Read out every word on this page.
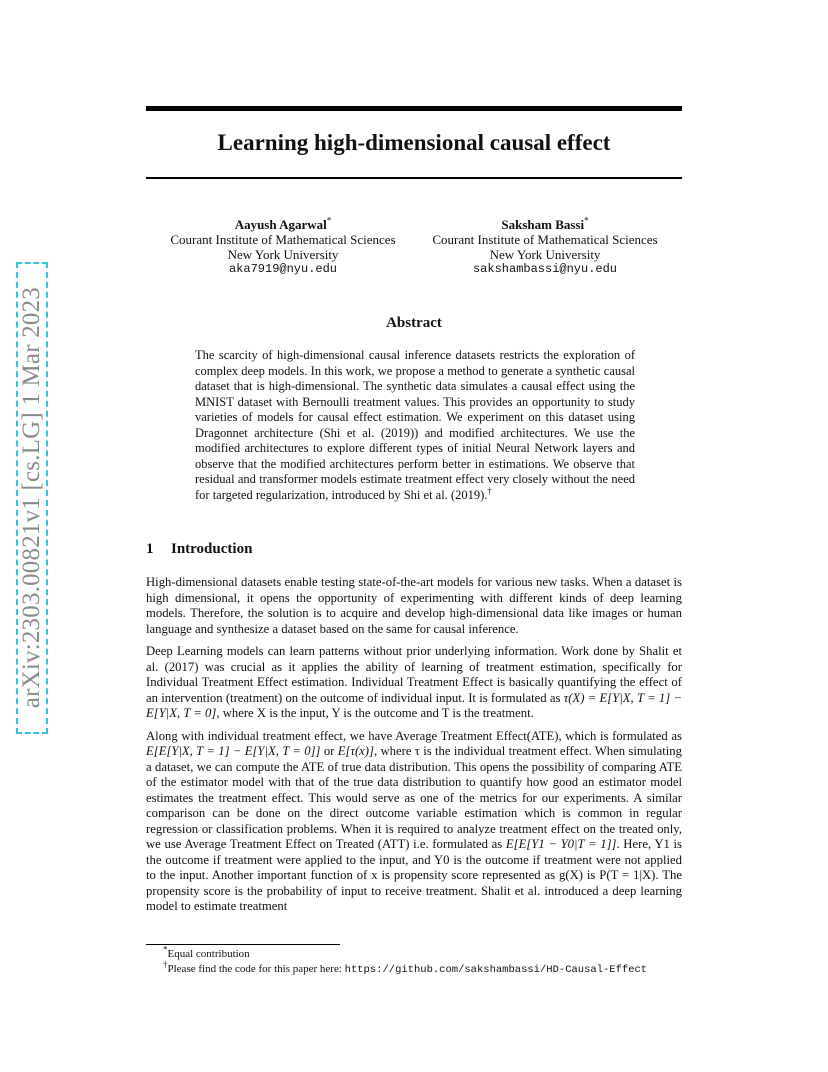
arXiv:2303.00821v1 [cs.LG] 1 Mar 2023
Learning high-dimensional causal effect
Aayush Agarwal*
Courant Institute of Mathematical Sciences
New York University
aka7919@nyu.edu
Saksham Bassi*
Courant Institute of Mathematical Sciences
New York University
sakshambassi@nyu.edu
Abstract
The scarcity of high-dimensional causal inference datasets restricts the exploration of complex deep models. In this work, we propose a method to generate a synthetic causal dataset that is high-dimensional. The synthetic data simulates a causal effect using the MNIST dataset with Bernoulli treatment values. This provides an opportunity to study varieties of models for causal effect estimation. We experiment on this dataset using Dragonnet architecture (Shi et al. (2019)) and modified architectures. We use the modified architectures to explore different types of initial Neural Network layers and observe that the modified architectures perform better in estimations. We observe that residual and transformer models estimate treatment effect very closely without the need for targeted regularization, introduced by Shi et al. (2019).†
1 Introduction

High-dimensional datasets enable testing state-of-the-art models for various new tasks. When a dataset is high dimensional, it opens the opportunity of experimenting with different kinds of deep learning models. Therefore, the solution is to acquire and develop high-dimensional data like images or human language and synthesize a dataset based on the same for causal inference.

Deep Learning models can learn patterns without prior underlying information. Work done by Shalit et al. (2017) was crucial as it applies the ability of learning of treatment estimation, specifically for Individual Treatment Effect estimation. Individual Treatment Effect is basically quantifying the effect of an intervention (treatment) on the outcome of individual input. It is formulated as τ(X) = E[Y|X, T = 1] − E[Y|X, T = 0], where X is the input, Y is the outcome and T is the treatment.

Along with individual treatment effect, we have Average Treatment Effect(ATE), which is formulated as E[E[Y|X, T = 1] − E[Y|X, T = 0]] or E[τ(x)], where τ is the individual treatment effect. When simulating a dataset, we can compute the ATE of true data distribution. This opens the possibility of comparing ATE of the estimator model with that of the true data distribution to quantify how good an estimator model estimates the treatment effect. This would serve as one of the metrics for our experiments. A similar comparison can be done on the direct outcome variable estimation which is common in regular regression or classification problems. When it is required to analyze treatment effect on the treated only, we use Average Treatment Effect on Treated (ATT) i.e. formulated as E[E[Y1 − Y0|T = 1]]. Here, Y1 is the outcome if treatment were applied to the input, and Y0 is the outcome if treatment were not applied to the input. Another important function of x is propensity score represented as g(X) is P(T = 1|X). The propensity score is the probability of input to receive treatment. Shalit et al. introduced a deep learning model to estimate treatment

*Equal contribution
†Please find the code for this paper here: https://github.com/sakshambassi/HD-Causal-Effect
